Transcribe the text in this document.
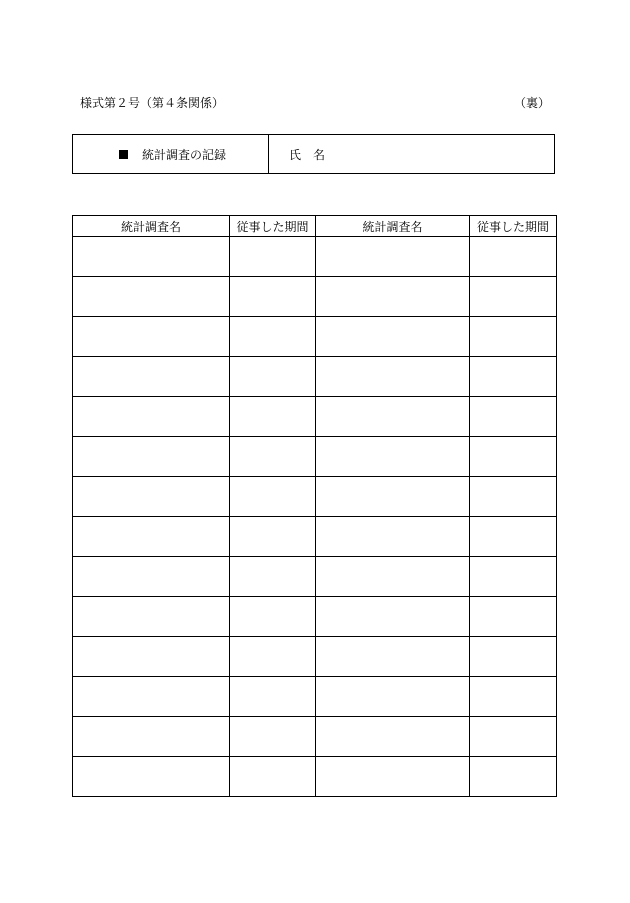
様式第２号（第４条関係）	（裏）
統計調査の記録	氏　名
統計調査名	従事した期間	統計調査名	従事した期間
